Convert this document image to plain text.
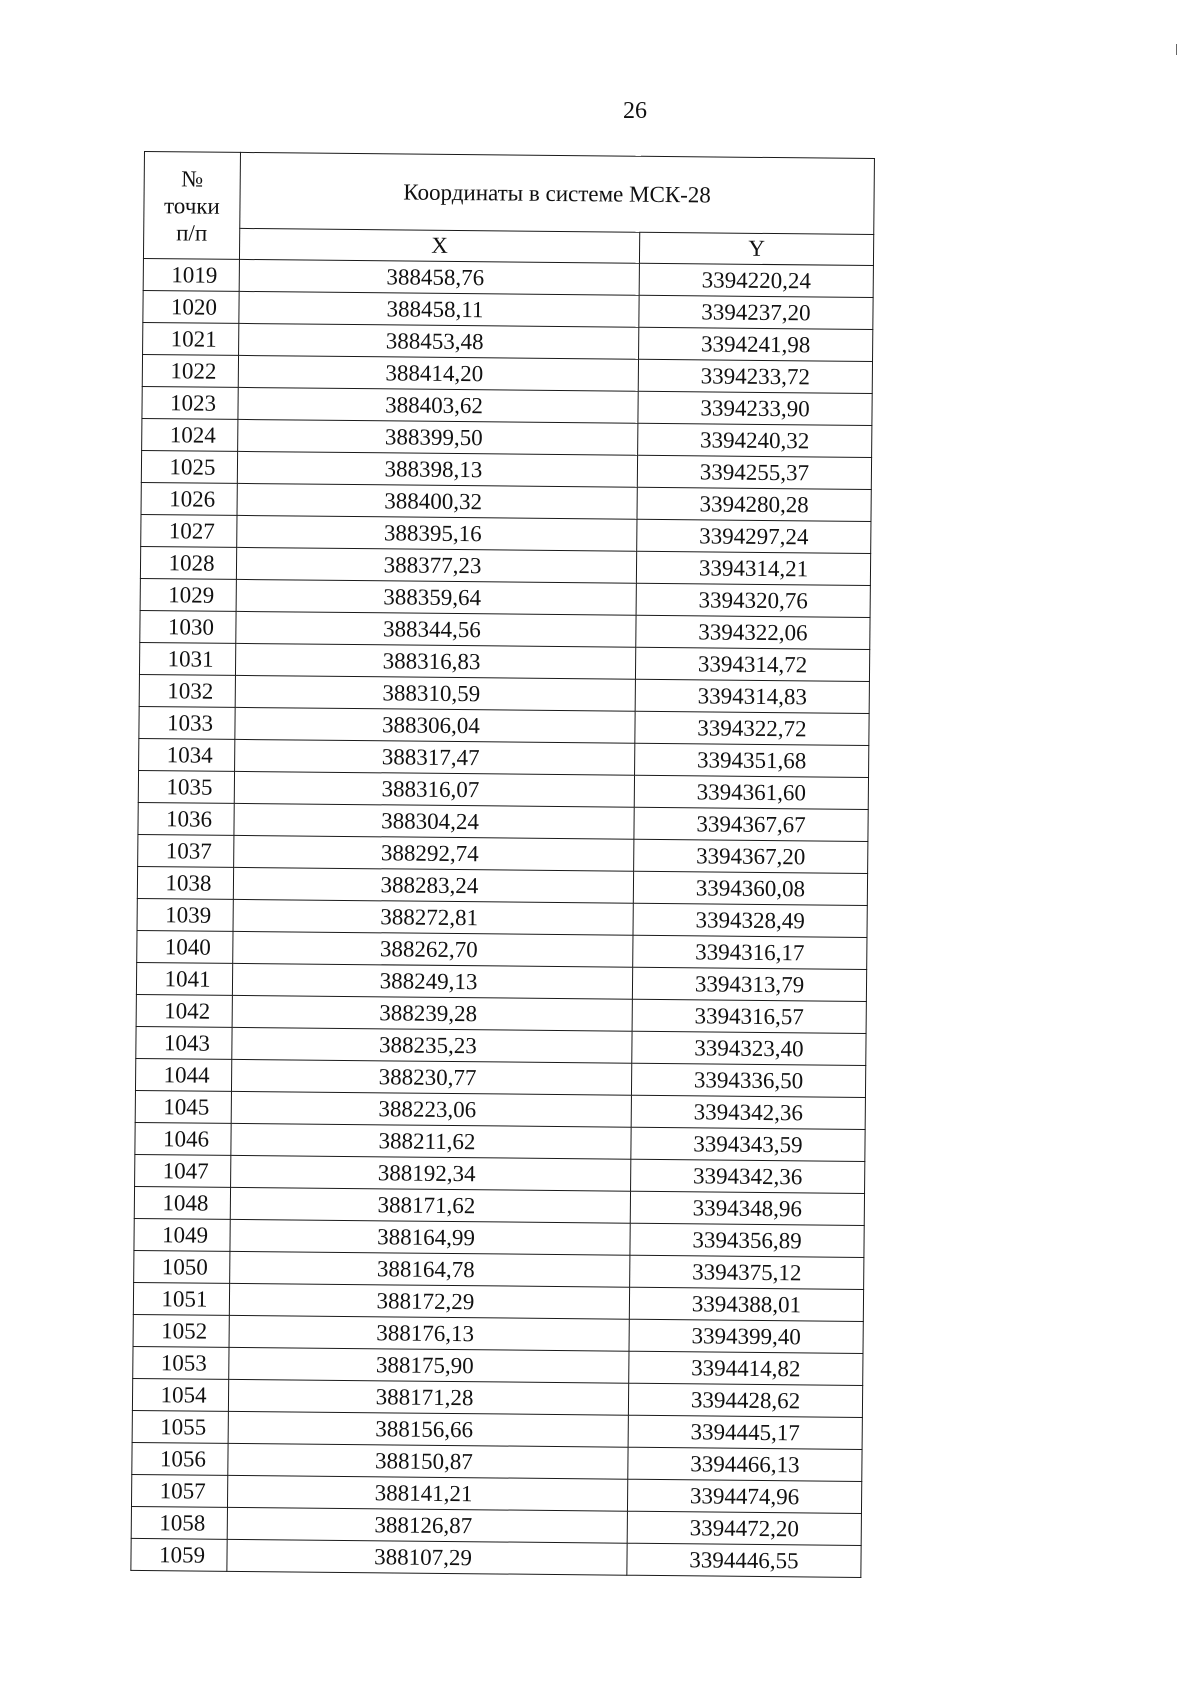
26
№
точки
п/п	Координаты в системе МСК-28	
	X	Y
1019	388458,76	3394220,24
1020	388458,11	3394237,20
1021	388453,48	3394241,98
1022	388414,20	3394233,72
1023	388403,62	3394233,90
1024	388399,50	3394240,32
1025	388398,13	3394255,37
1026	388400,32	3394280,28
1027	388395,16	3394297,24
1028	388377,23	3394314,21
1029	388359,64	3394320,76
1030	388344,56	3394322,06
1031	388316,83	3394314,72
1032	388310,59	3394314,83
1033	388306,04	3394322,72
1034	388317,47	3394351,68
1035	388316,07	3394361,60
1036	388304,24	3394367,67
1037	388292,74	3394367,20
1038	388283,24	3394360,08
1039	388272,81	3394328,49
1040	388262,70	3394316,17
1041	388249,13	3394313,79
1042	388239,28	3394316,57
1043	388235,23	3394323,40
1044	388230,77	3394336,50
1045	388223,06	3394342,36
1046	388211,62	3394343,59
1047	388192,34	3394342,36
1048	388171,62	3394348,96
1049	388164,99	3394356,89
1050	388164,78	3394375,12
1051	388172,29	3394388,01
1052	388176,13	3394399,40
1053	388175,90	3394414,82
1054	388171,28	3394428,62
1055	388156,66	3394445,17
1056	388150,87	3394466,13
1057	388141,21	3394474,96
1058	388126,87	3394472,20
1059	388107,29	3394446,55
